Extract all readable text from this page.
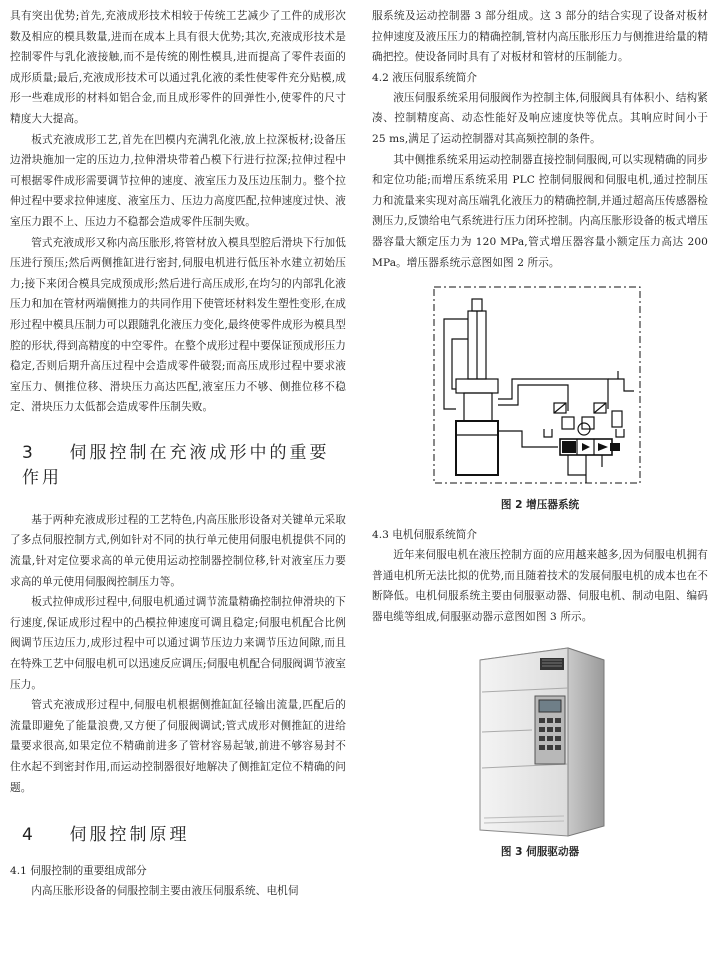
具有突出优势;首先,充液成形技术相较于传统工艺减少了工件的成形次数及相应的模具数量,进而在成本上具有很大优势;其次,充液成形技术是控制零件与乳化液接触,而不是传统的刚性模具,进而提高了零件表面的成形质量;最后,充液成形技术可以通过乳化液的柔性使零件充分贴模,成形一些难成形的材料如铝合金,而且成形零件的回弹性小,使零件的尺寸精度大大提高。

板式充液成形工艺,首先在凹模内充满乳化液,放上拉深板材;设备压边滑块施加一定的压边力,拉伸滑块带着凸模下行进行拉深;拉伸过程中可根据零件成形需要调节拉伸的速度、液室压力及压边压制力。整个拉伸过程中要求拉伸速度、液室压力、压边力高度匹配,拉伸速度过快、液室压力跟不上、压边力不稳都会造成零件压制失败。

管式充液成形又称内高压胀形,将管材放入模具型腔后滑块下行加低压进行预压;然后两侧推缸进行密封,伺服电机进行低压补水建立初始压力;接下来闭合模具完成预成形;然后进行高压成形,在均匀的内部乳化液压力和加在管材两端侧推力的共同作用下使管坯材料发生塑性变形,在成形过程中模具压制力可以跟随乳化液压力变化,最终使零件成形为模具型腔的形状,得到高精度的中空零件。在整个成形过程中要保证预成形压力稳定,否则后期升高压过程中会造成零件破裂;而高压成形过程中要求液室压力、侧推位移、滑块压力高达匹配,液室压力不够、侧推位移不稳定、滑块压力太低都会造成零件压制失败。

3 伺服控制在充液成形中的重要作用

基于两种充液成形过程的工艺特色,内高压胀形设备对关键单元采取了多点伺服控制方式,例如针对不同的执行单元使用伺服电机提供不同的流量,针对定位要求高的单元使用运动控制器控制位移,针对液室压力要求高的单元使用伺服阀控制压力等。

板式拉伸成形过程中,伺服电机通过调节流量精确控制拉伸滑块的下行速度,保证成形过程中的凸模拉伸速度可调且稳定;伺服电机配合比例阀调节压边压力,成形过程中可以通过调节压边力来调节压边间隙,而且在特殊工艺中伺服电机可以迅速反应调压;伺服电机配合伺服阀调节液室压力。

管式充液成形过程中,伺服电机根据侧推缸缸径输出流量,匹配后的流量即避免了能量浪费,又方便了伺服阀调试;管式成形对侧推缸的进给量要求很高,如果定位不精确前进多了管材容易起皱,前进不够容易封不住水起不到密封作用,而运动控制器很好地解决了侧推缸定位不精确的问题。

4 伺服控制原理
4.1 伺服控制的重要组成部分

内高压胀形设备的伺服控制主要由液压伺服系统、电机伺

服系统及运动控制器 3 部分组成。这 3 部分的结合实现了设备对板材拉伸速度及液压压力的精确控制,管材内高压胀形压力与侧推进给量的精确把控。使设备同时具有了对板材和管材的压制能力。

4.2 液压伺服系统简介

液压伺服系统采用伺服阀作为控制主体,伺服阀具有体积小、结构紧凑、控制精度高、动态性能好及响应速度快等优点。其响应时间小于 25 ms,满足了运动控制器对其高频控制的条件。

其中侧推系统采用运动控制器直接控制伺服阀,可以实现精确的同步和定位功能;而增压系统采用 PLC 控制伺服阀和伺服电机,通过控制压力和流量来实现对高压端乳化液压力的精确控制,并通过超高压传感器检测压力,反馈给电气系统进行压力闭环控制。内高压胀形设备的板式增压器容量大额定压力为 120 MPa,管式增压器容量小额定压力高达 200 MPa。增压器系统示意图如图 2 所示。

图 2 增压器系统
4.3 电机伺服系统简介

近年来伺服电机在液压控制方面的应用越来越多,因为伺服电机拥有普通电机所无法比拟的优势,而且随着技术的发展伺服电机的成本也在不断降低。电机伺服系统主要由伺服驱动器、伺服电机、制动电阻、编码器电缆等组成,伺服驱动器示意图如图 3 所示。

图 3 伺服驱动器
